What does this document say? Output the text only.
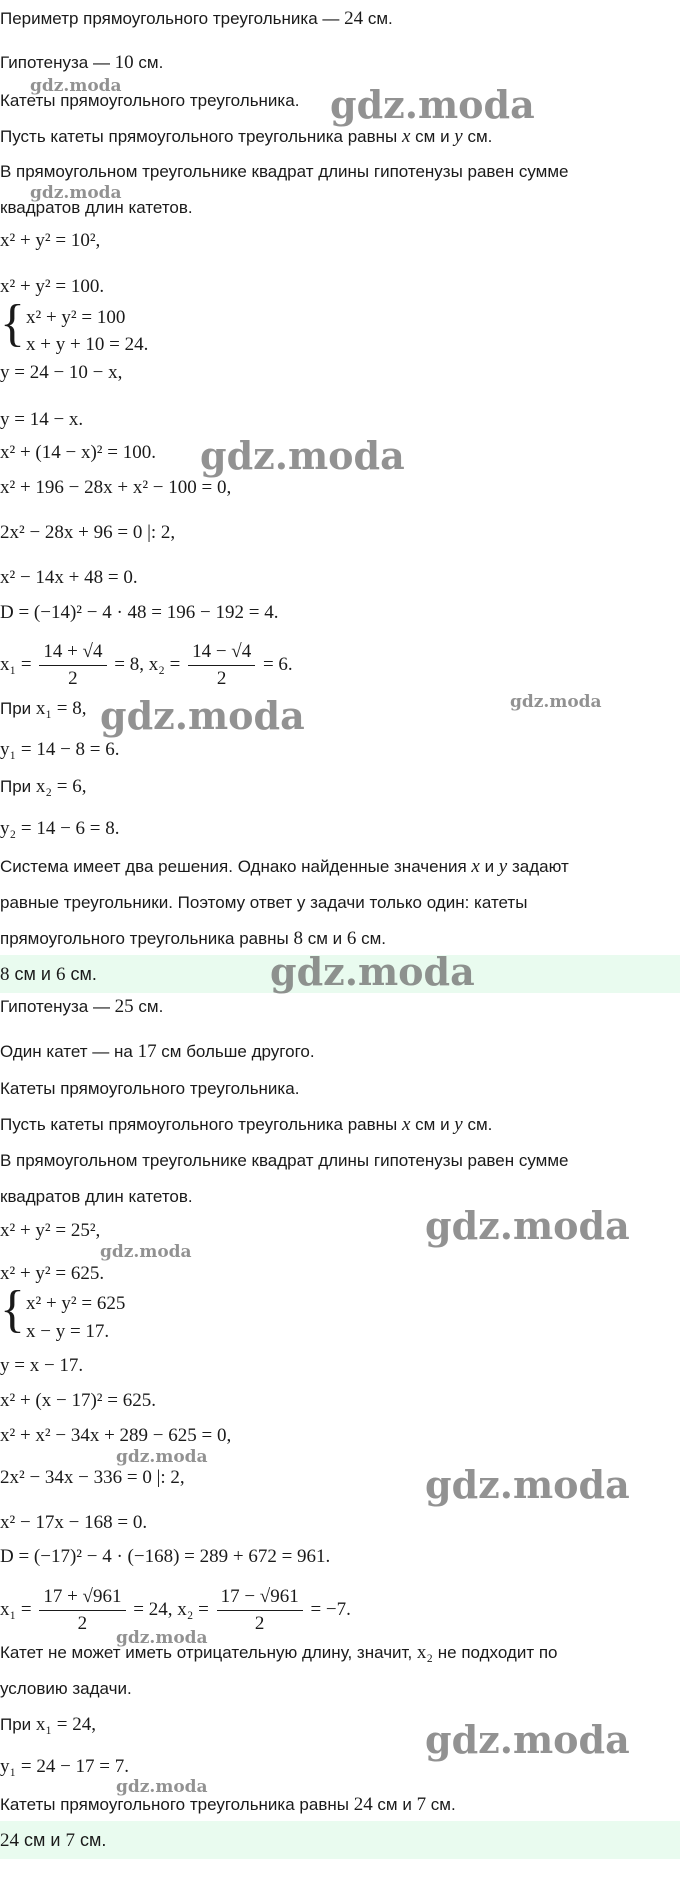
Периметр прямоугольного треугольника — 24 см.
Гипотенуза — 10 см.
Катеты прямоугольного треугольника.
Пусть катеты прямоугольного треугольника равны x см и y см.
В прямоугольном треугольнике квадрат длины гипотенузы равен сумме
квадратов длин катетов.
x² + y² = 10²,
x² + y² = 100.
{ x² + y² = 100
x + y + 10 = 24.
y = 24 − 10 − x,
y = 14 − x.
x² + (14 − x)² = 100.
x² + 196 − 28x + x² − 100 = 0,
2x² − 28x + 96 = 0 |: 2,
x² − 14x + 48 = 0.
D = (−14)² − 4 · 48 = 196 − 192 = 4.
$x_1 = \frac{14 + √4}{2} = 8$, $x_2 = \frac{14 - √4}{2} = 6$.
При x₁ = 8,
y₁ = 14 − 8 = 6.
При x₂ = 6,
y₂ = 14 − 6 = 8.
Система имеет два решения. Однако найденные значения x и y задают
равные треугольники. Поэтому ответ у задачи только один: катеты
прямоугольного треугольника равны 8 см и 6 см.
8 см и 6 см.
Гипотенуза — 25 см.
Один катет — на 17 см больше другого.
Катеты прямоугольного треугольника.
Пусть катеты прямоугольного треугольника равны x см и y см.
В прямоугольном треугольнике квадрат длины гипотенузы равен сумме
квадратов длин катетов.
x² + y² = 25²,
x² + y² = 625.
{ x² + y² = 625
x − y = 17.
y = x − 17.
x² + (x − 17)² = 625.
x² + x² − 34x + 289 − 625 = 0,
2x² − 34x − 336 = 0 |: 2,
x² − 17x − 168 = 0.
D = (−17)² − 4 · (−168) = 289 + 672 = 961.
$x_1 = \frac{17 + √961}{2} = 24$, $x_2 = \frac{17 - √961}{2} = -7$.
Катет не может иметь отрицательную длину, значит, x₂ не подходит по
условию задачи.
При x₁ = 24,
y₁ = 24 − 17 = 7.
Катеты прямоугольного треугольника равны 24 см и 7 см.
24 см и 7 см.
gdz.moda	gdz.moda
gdz.moda
gdz.moda
gdz.moda
gdz.moda
gdz.moda
gdz.moda
gdz.moda
gdz.moda
gdz.moda
gdz.moda
gdz.moda
gdz.moda
